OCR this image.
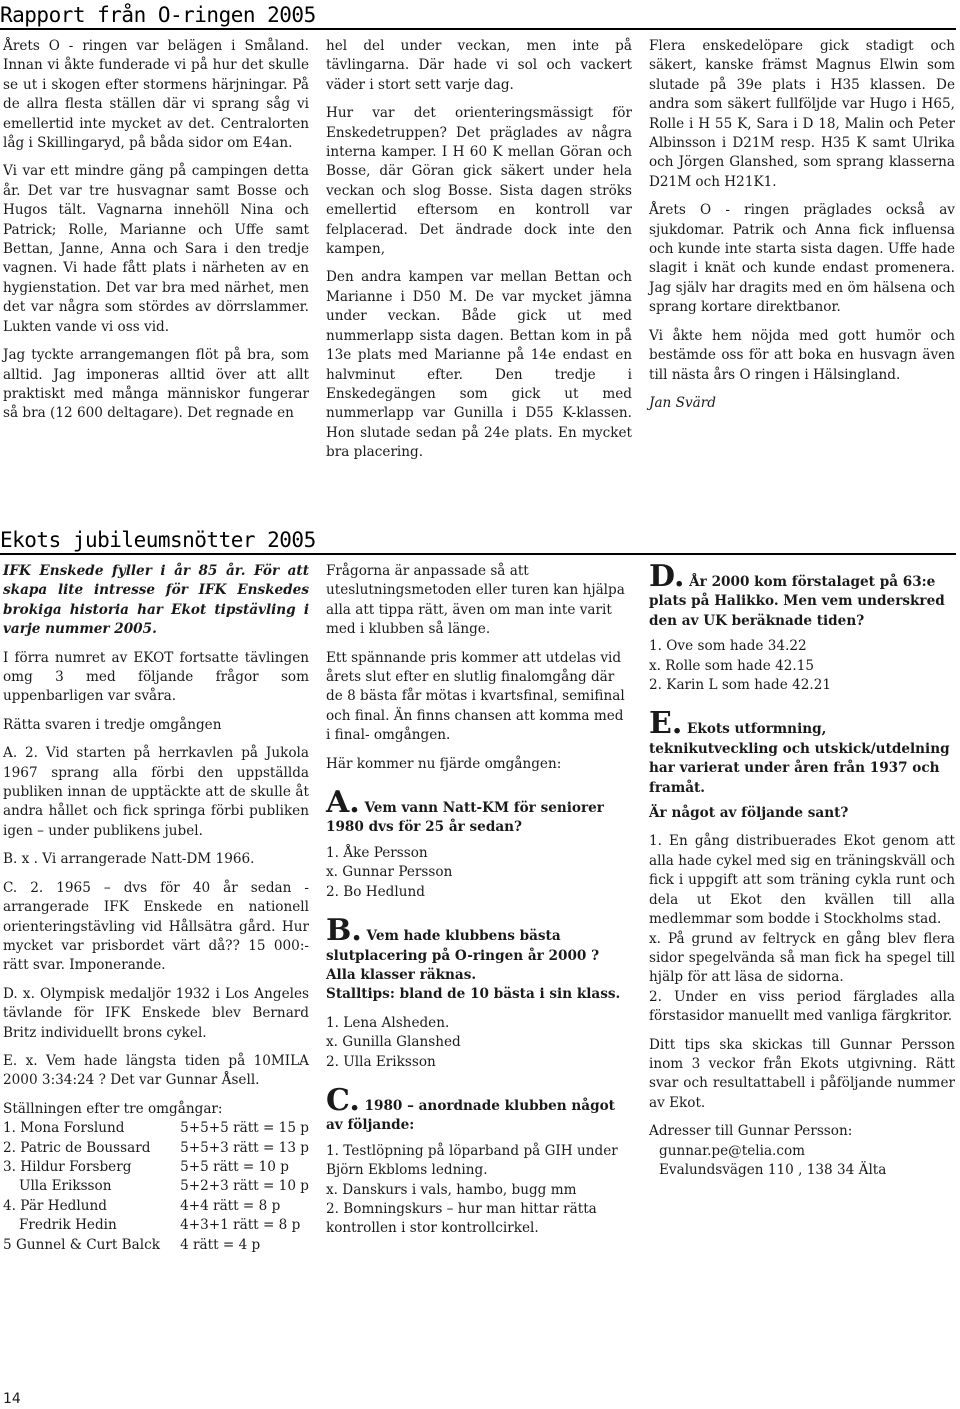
Rapport från O-ringen 2005

Årets O - ringen var belägen i Småland. Innan vi åkte funderade vi på hur det skulle se ut i skogen efter stormens härjningar. På de allra flesta ställen där vi sprang såg vi emellertid inte mycket av det. Centralorten låg i Skillingaryd, på båda sidor om E4an.

Vi var ett mindre gäng på campingen detta år. Det var tre husvagnar samt Bosse och Hugos tält. Vagnarna innehöll Nina och Patrick; Rolle, Marianne och Uffe samt Bettan, Janne, Anna och Sara i den tredje vagnen. Vi hade fått plats i närheten av en hygienstation. Det var bra med närhet, men det var några som stördes av dörrslammer. Lukten vande vi oss vid.

Jag tyckte arrangemangen flöt på bra, som alltid. Jag imponeras alltid över att allt praktiskt med många människor fungerar så bra (12 600 deltagare). Det regnade en

hel del under veckan, men inte på tävlingarna. Där hade vi sol och vackert väder i stort sett varje dag.

Hur var det orienteringsmässigt för Enskedetruppen? Det präglades av några interna kamper. I H 60 K mellan Göran och Bosse, där Göran gick säkert under hela veckan och slog Bosse. Sista dagen ströks emellertid eftersom en kontroll var felplacerad. Det ändrade dock inte den kampen,

Den andra kampen var mellan Bettan och Marianne i D50 M. De var mycket jämna under veckan. Både gick ut med nummerlapp sista dagen. Bettan kom in på 13e plats med Marianne på 14e endast en halvminut efter. Den tredje i Enskedegängen som gick ut med nummerlapp var Gunilla i D55 K-klassen. Hon slutade sedan på 24e plats. En mycket bra placering.

Flera enskedelöpare gick stadigt och säkert, kanske främst Magnus Elwin som slutade på 39e plats i H35 klassen. De andra som säkert fullföljde var Hugo i H65, Rolle i H 55 K, Sara i D 18, Malin och Peter Albinsson i D21M resp. H35 K samt Ulrika och Jörgen Glanshed, som sprang klasserna D21M och H21K1.

Årets O - ringen präglades också av sjukdomar. Patrik och Anna fick influensa och kunde inte starta sista dagen. Uffe hade slagit i knät och kunde endast promenera. Jag själv har dragits med en öm hälsena och sprang kortare direktbanor.

Vi åkte hem nöjda med gott humör och bestämde oss för att boka en husvagn även till nästa års O ringen i Hälsingland.

Jan Svärd

Ekots jubileumsnötter 2005

IFK Enskede fyller i år 85 år. För att skapa lite intresse för IFK Enskedes brokiga historia har Ekot tipstävling i varje nummer 2005.

I förra numret av EKOT fortsatte tävlingen omg 3 med följande frågor som uppenbarligen var svåra.

Rätta svaren i tredje omgången

A. 2. Vid starten på herrkavlen på Jukola 1967 sprang alla förbi den uppställda publiken innan de upptäckte att de skulle åt andra hållet och fick springa förbi publiken igen – under publikens jubel.

B. x . Vi arrangerade Natt-DM 1966.

C. 2. 1965 – dvs för 40 år sedan - arrangerade IFK Enskede en nationell orienteringstävling vid Hållsätra gård. Hur mycket var prisbordet värt då?? 15 000:- rätt svar. Imponerande.

D. x. Olympisk medaljör 1932 i Los Angeles tävlande för IFK Enskede blev Bernard Britz individuellt brons cykel.

E. x. Vem hade längsta tiden på 10MILA 2000 3:34:24 ? Det var Gunnar Åsell.

Ställningen efter tre omgångar:

1. Mona Forslund	5+5+5 rätt = 15 p
2. Patric de Boussard	5+5+3 rätt = 13 p
3. Hildur Forsberg	5+5 rätt = 10 p
Ulla Eriksson	5+2+3 rätt = 10 p
4. Pär Hedlund	4+4 rätt = 8 p
Fredrik Hedin	4+3+1 rätt = 8 p
5 Gunnel & Curt Balck	4 rätt = 4 p

Frågorna är anpassade så att uteslutningsmetoden eller turen kan hjälpa alla att tippa rätt, även om man inte varit med i klubben så länge.

Ett spännande pris kommer att utdelas vid årets slut efter en slutlig finalomgång där de 8 bästa får mötas i kvartsfinal, semifinal och final. Än finns chansen att komma med i final- omgången.

Här kommer nu fjärde omgången:

A. Vem vann Natt-KM för seniorer 1980 dvs för 25 år sedan?

1. Åke Persson

x. Gunnar Persson

2. Bo Hedlund

B. Vem hade klubbens bästa slutplacering på O-ringen år 2000 ? Alla klasser räknas.

Stalltips: bland de 10 bästa i sin klass.

1. Lena Alsheden.

x. Gunilla Glanshed

2. Ulla Eriksson

C. 1980 – anordnade klubben något av följande:

1. Testlöpning på löparband på GIH under Björn Ekbloms ledning.

x. Danskurs i vals, hambo, bugg mm

2. Bomningskurs – hur man hittar rätta kontrollen i stor kontrollcirkel.

D. År 2000 kom förstalaget på 63:e plats på Halikko. Men vem underskred den av UK beräknade tiden?

1. Ove som hade 34.22

x. Rolle som hade 42.15

2. Karin L som hade 42.21

E. Ekots utformning, teknikutveckling och utskick/utdelning har varierat under åren från 1937 och framåt.

Är något av följande sant?

1. En gång distribuerades Ekot genom att alla hade cykel med sig en träningskväll och fick i uppgift att som träning cykla runt och dela ut Ekot den kvällen till alla medlemmar som bodde i Stockholms stad.

x. På grund av feltryck en gång blev flera sidor spegelvända så man fick ha spegel till hjälp för att läsa de sidorna.

2. Under en viss period färglades alla förstasidor manuellt med vanliga färgkritor.

Ditt tips ska skickas till Gunnar Persson inom 3 veckor från Ekots utgivning. Rätt svar och resultattabell i påföljande nummer av Ekot.

Adresser till Gunnar Persson:

gunnar.pe@telia.com

Evalundsvägen 110 , 138 34 Älta

14
